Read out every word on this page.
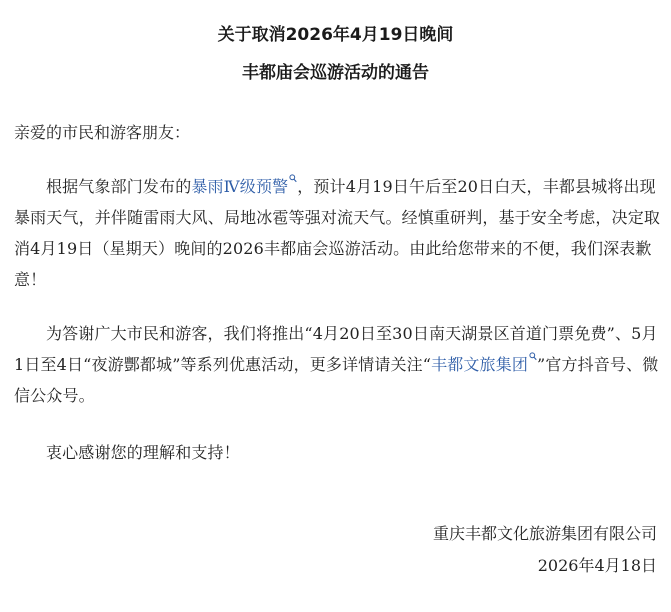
关于取消2026年4月19日晚间
丰都庙会巡游活动的通告
亲爱的市民和游客朋友：
根据气象部门发布的暴雨Ⅳ级预警 ，预计4月19日午后至20日白天，丰都县城将出现暴雨天气，并伴随雷雨大风、局地冰雹等强对流天气。经慎重研判，基于安全考虑，决定取消4月19日（星期天）晚间的2026丰都庙会巡游活动。由此给您带来的不便，我们深表歉意！
为答谢广大市民和游客，我们将推出“4月20日至30日南天湖景区首道门票免费”、5月1日至4日“夜游酆都城”等系列优惠活动，更多详情请关注“丰都文旅集团 ”官方抖音号、微信公众号。
衷心感谢您的理解和支持！
重庆丰都文化旅游集团有限公司
2026年4月18日
